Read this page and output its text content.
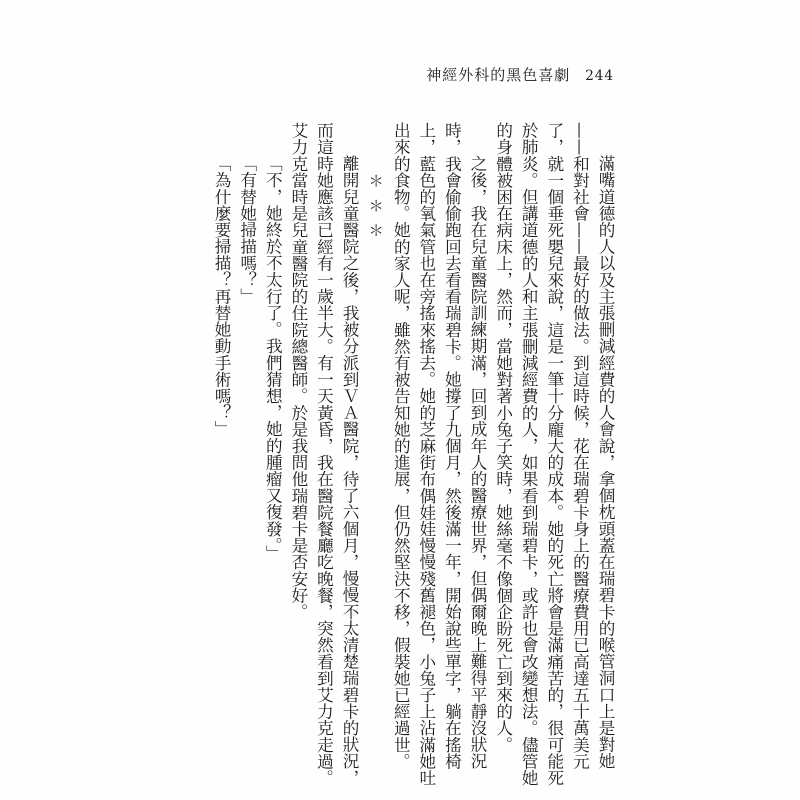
神經外科的黑色喜劇 244

滿嘴道德的人以及主張刪減經費的人會說，拿個枕頭蓋在瑞碧卡的喉管洞口上是對她——和對社會——最好的做法。到這時候，花在瑞碧卡身上的醫療費用已高達五十萬美元了，就一個垂死嬰兒來說，這是一筆十分龐大的成本。她的死亡將會是滿痛苦的，很可能死於肺炎。但講道德的人和主張刪減經費的人，如果看到瑞碧卡，或許也會改變想法。儘管她的身體被困在病床上，然而，當她對著小兔子笑時，她絲毫不像個企盼死亡到來的人。

之後，我在兒童醫院訓練期滿，回到成年人的醫療世界，但偶爾晚上難得平靜沒狀況時，我會偷偷跑回去看看瑞碧卡。她撐了九個月，然後滿一年，開始說些單字，躺在搖椅上，藍色的氧氣管也在旁搖來搖去。她的芝麻街布偶娃娃慢慢殘舊褪色，小兔子上沾滿她吐出來的食物。她的家人呢，雖然有被告知她的進展，但仍然堅決不移，假裝她已經過世。

＊＊＊

離開兒童醫院之後，我被分派到ＶＡ醫院，待了六個月，慢慢不太清楚瑞碧卡的狀況，而這時她應該已經有一歲半大。有一天黃昏，我在醫院餐廳吃晚餐，突然看到艾力克走過。艾力克當時是兒童醫院的住院總醫師。於是我問他瑞碧卡是否安好。

「不，她終於不太行了。我們猜想，她的腫瘤又復發。」

「有替她掃描嗎？」

「為什麼要掃描？再替她動手術嗎？」
